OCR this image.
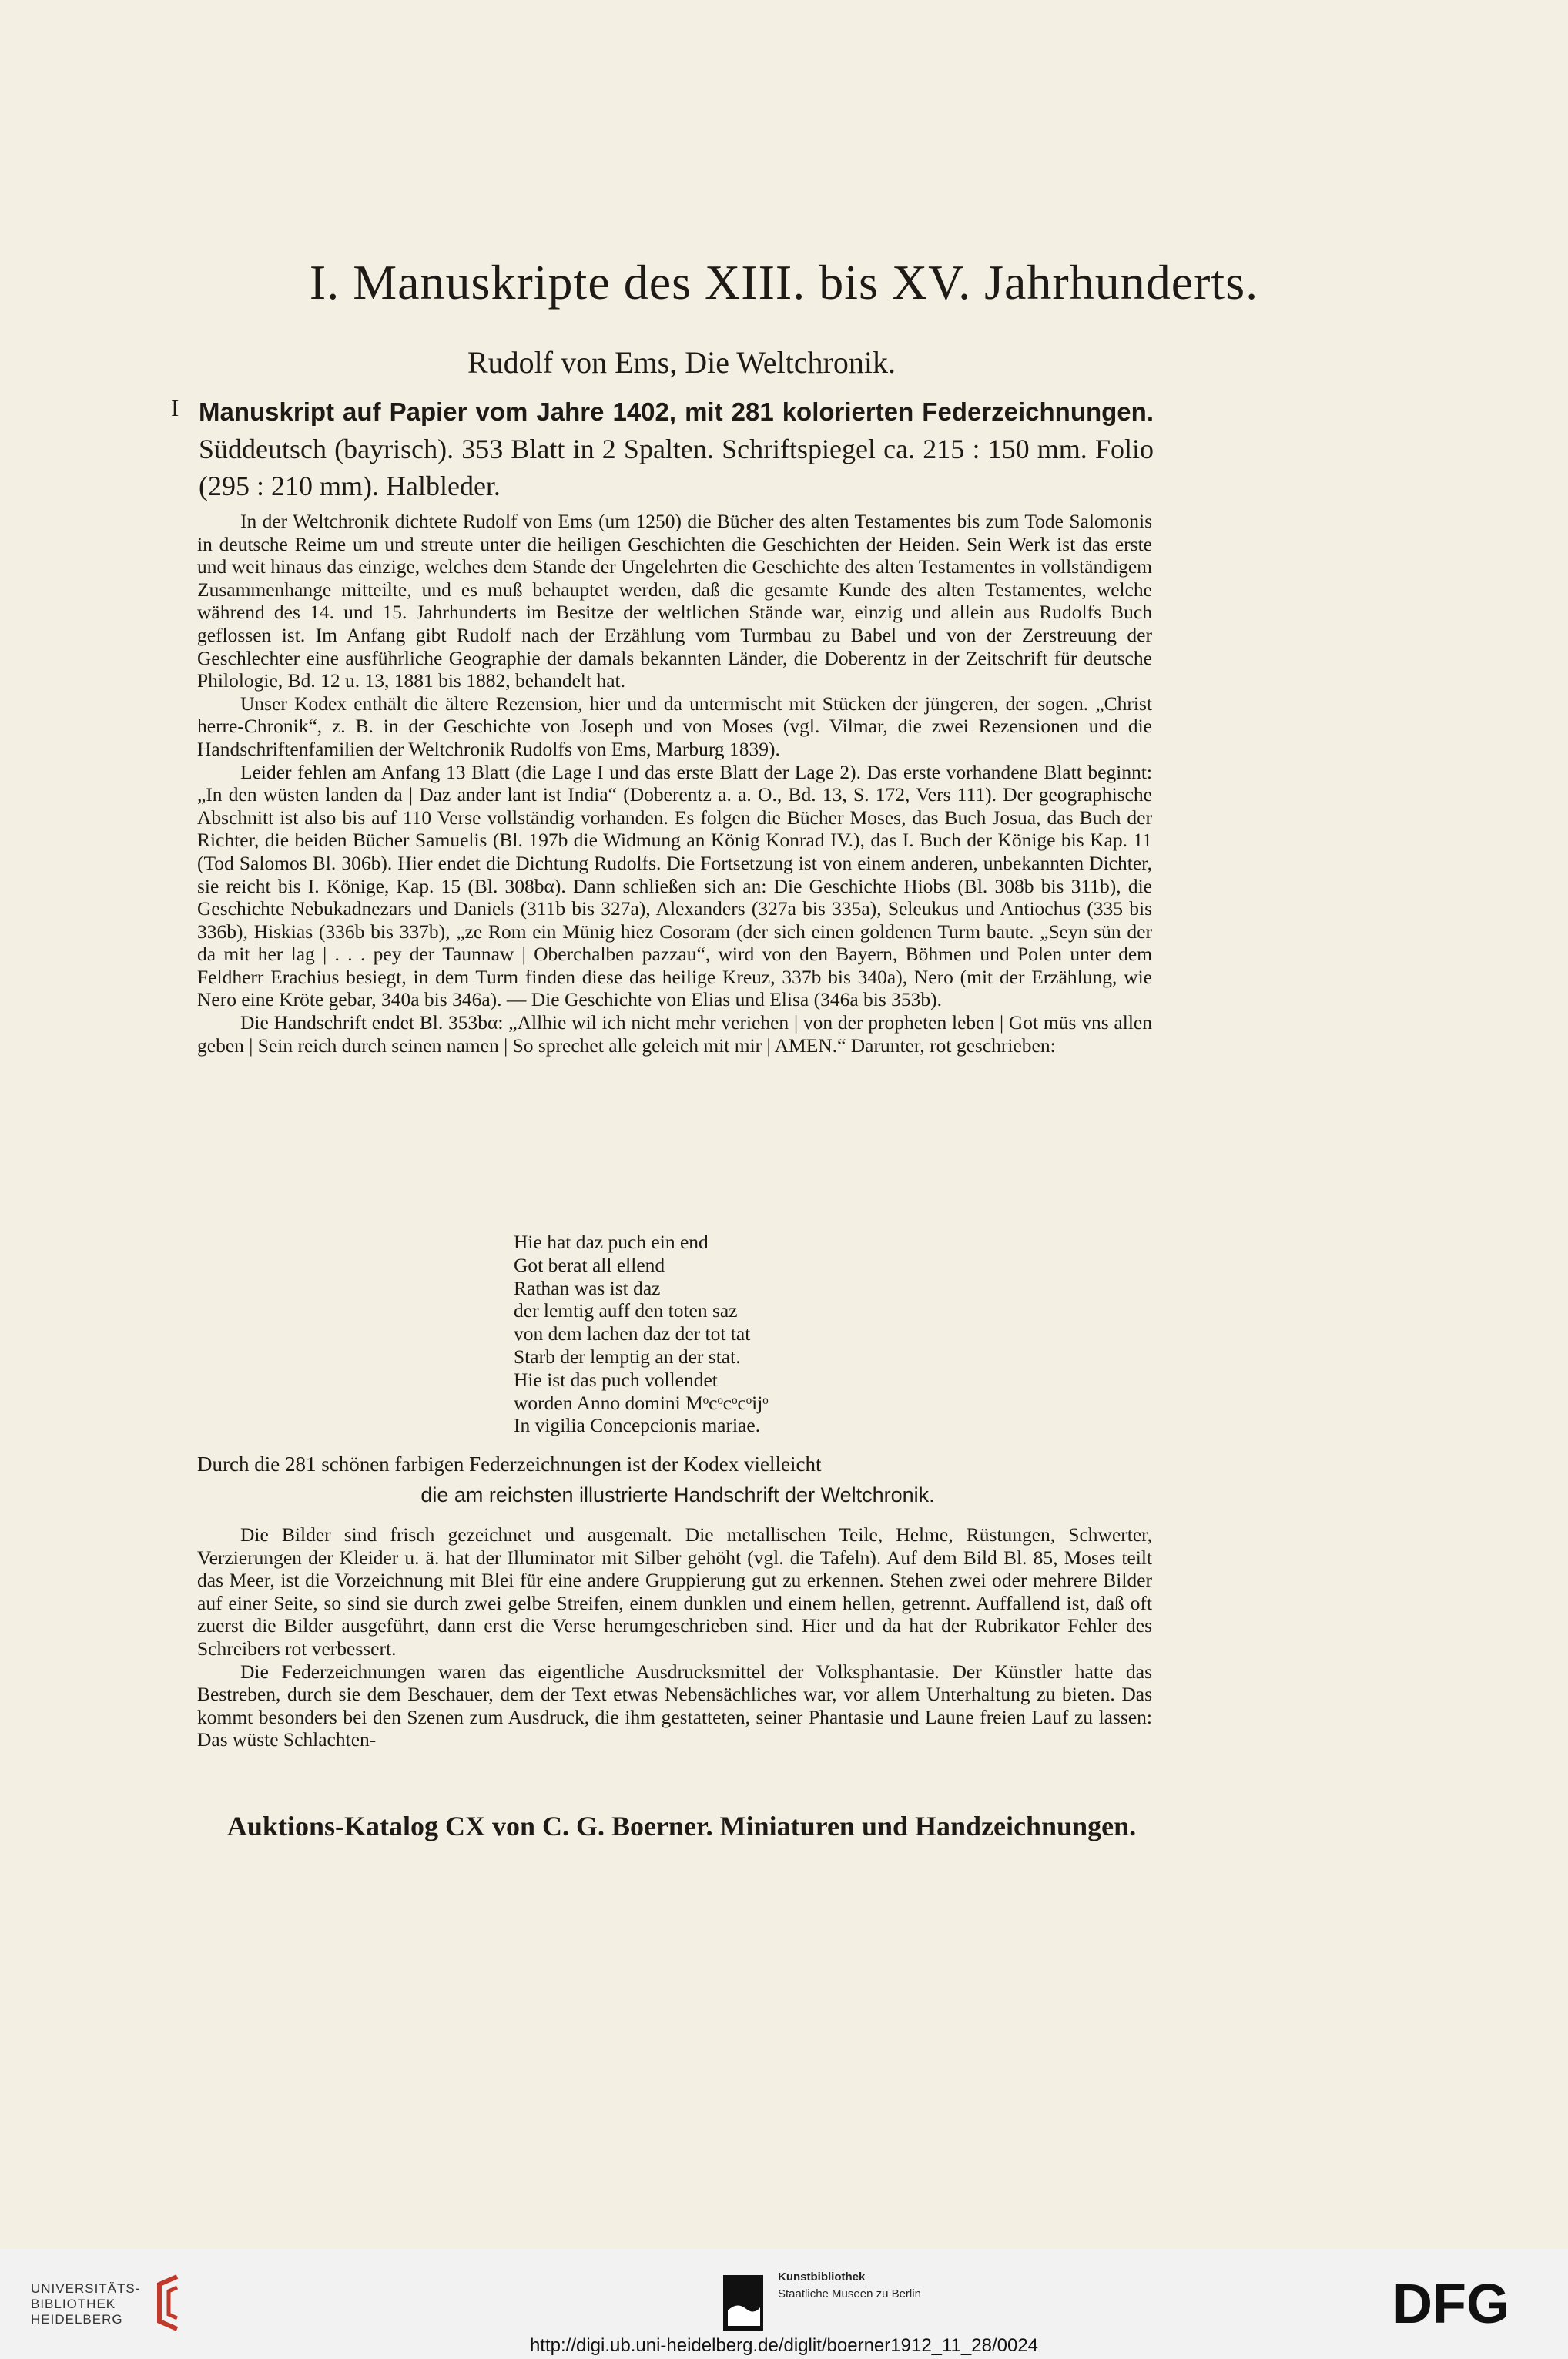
I. Manuskripte des XIII. bis XV. Jahrhunderts.
Rudolf von Ems, Die Weltchronik.
I Manuskript auf Papier vom Jahre 1402, mit 281 kolorierten Federzeichnungen. Süddeutsch (bayrisch). 353 Blatt in 2 Spalten. Schriftspiegel ca. 215 : 150 mm. Folio (295 : 210 mm). Halbleder.

In der Weltchronik dichtete Rudolf von Ems (um 1250) die Bücher des alten Testamentes bis zum Tode Salomonis in deutsche Reime um und streute unter die heiligen Geschichten die Geschichten der Heiden. Sein Werk ist das erste und weit hinaus das einzige, welches dem Stande der Ungelehrten die Geschichte des alten Testamentes in vollständigem Zusammenhange mitteilte, und es muß behauptet werden, daß die gesamte Kunde des alten Testamentes, welche während des 14. und 15. Jahrhunderts im Besitze der weltlichen Stände war, einzig und allein aus Rudolfs Buch geflossen ist. Im Anfang gibt Rudolf nach der Erzählung vom Turmbau zu Babel und von der Zerstreuung der Geschlechter eine ausführliche Geographie der damals bekannten Länder, die Doberentz in der Zeitschrift für deutsche Philologie, Bd. 12 u. 13, 1881 bis 1882, behandelt hat.

Unser Kodex enthält die ältere Rezension, hier und da untermischt mit Stücken der jüngeren, der sogen. „Christ herre-Chronik“, z. B. in der Geschichte von Joseph und von Moses (vgl. Vilmar, die zwei Rezensionen und die Handschriftenfamilien der Weltchronik Rudolfs von Ems, Marburg 1839).

Leider fehlen am Anfang 13 Blatt (die Lage I und das erste Blatt der Lage 2). Das erste vorhandene Blatt beginnt: „In den wüsten landen da | Daz ander lant ist India“ (Doberentz a. a. O., Bd. 13, S. 172, Vers 111). Der geographische Abschnitt ist also bis auf 110 Verse vollständig vorhanden. Es folgen die Bücher Moses, das Buch Josua, das Buch der Richter, die beiden Bücher Samuelis (Bl. 197b die Widmung an König Konrad IV.), das I. Buch der Könige bis Kap. 11 (Tod Salomos Bl. 306b). Hier endet die Dichtung Rudolfs. Die Fortsetzung ist von einem anderen, unbekannten Dichter, sie reicht bis I. Könige, Kap. 15 (Bl. 308bα). Dann schließen sich an: Die Geschichte Hiobs (Bl. 308b bis 311b), die Geschichte Nebukadnezars und Daniels (311b bis 327a), Alexanders (327a bis 335a), Seleukus und Antiochus (335 bis 336b), Hiskias (336b bis 337b), „ze Rom ein Münig hiez Cosoram (der sich einen goldenen Turm baute. „Seyn sün der da mit her lag | . . . pey der Taunnaw | Oberchalben pazzau“, wird von den Bayern, Böhmen und Polen unter dem Feldherr Erachius besiegt, in dem Turm finden diese das heilige Kreuz, 337b bis 340a), Nero (mit der Erzählung, wie Nero eine Kröte gebar, 340a bis 346a). — Die Geschichte von Elias und Elisa (346a bis 353b).

Die Handschrift endet Bl. 353bα: „Allhie wil ich nicht mehr veriehen | von der propheten leben | Got müs vns allen geben | Sein reich durch seinen namen | So sprechet alle geleich mit mir | AMEN.“ Darunter, rot geschrieben:

Hie hat daz puch ein end
Got berat all ellend
Rathan was ist daz
der lemtig auff den toten saz
von dem lachen daz der tot tat
Starb der lemptig an der stat.
Hie ist das puch vollendet
worden Anno domini Mᵒcᵒcᵒcᵒijᵒ
In vigilia Concepcionis mariae.
Durch die 281 schönen farbigen Federzeichnungen ist der Kodex vielleicht
die am reichsten illustrierte Handschrift der Weltchronik.

Die Bilder sind frisch gezeichnet und ausgemalt. Die metallischen Teile, Helme, Rüstungen, Schwerter, Verzierungen der Kleider u. ä. hat der Illuminator mit Silber gehöht (vgl. die Tafeln). Auf dem Bild Bl. 85, Moses teilt das Meer, ist die Vorzeichnung mit Blei für eine andere Gruppierung gut zu erkennen. Stehen zwei oder mehrere Bilder auf einer Seite, so sind sie durch zwei gelbe Streifen, einem dunklen und einem hellen, getrennt. Auffallend ist, daß oft zuerst die Bilder ausgeführt, dann erst die Verse herumgeschrieben sind. Hier und da hat der Rubrikator Fehler des Schreibers rot verbessert.

Die Federzeichnungen waren das eigentliche Ausdrucksmittel der Volksphantasie. Der Künstler hatte das Bestreben, durch sie dem Beschauer, dem der Text etwas Nebensächliches war, vor allem Unterhaltung zu bieten. Das kommt besonders bei den Szenen zum Ausdruck, die ihm gestatteten, seiner Phantasie und Laune freien Lauf zu lassen: Das wüste Schlachten-

Auktions-Katalog CX von C. G. Boerner. Miniaturen und Handzeichnungen.
UNIVERSITÄTS-
BIBLIOTHEK
HEIDELBERG
Kunstbibliothek
Staatliche Museen zu Berlin	DFG
http://digi.ub.uni-heidelberg.de/diglit/boerner1912_11_28/0024
